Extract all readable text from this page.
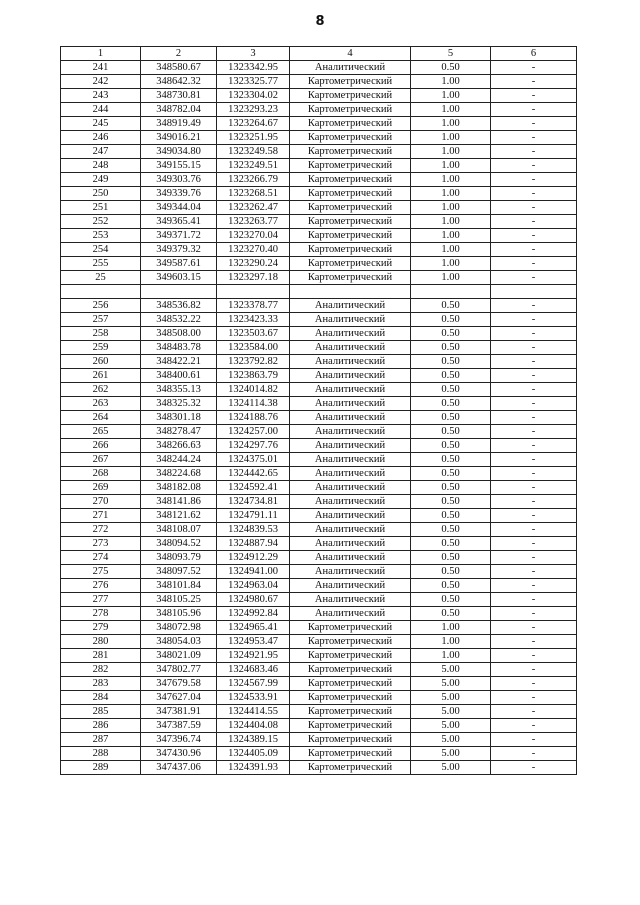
8
1	2	3	4	5	6
241	348580.67	1323342.95	Аналитический	0.50	-
242	348642.32	1323325.77	Картометрический	1.00	-
243	348730.81	1323304.02	Картометрический	1.00	-
244	348782.04	1323293.23	Картометрический	1.00	-
245	348919.49	1323264.67	Картометрический	1.00	-
246	349016.21	1323251.95	Картометрический	1.00	-
247	349034.80	1323249.58	Картометрический	1.00	-
248	349155.15	1323249.51	Картометрический	1.00	-
249	349303.76	1323266.79	Картометрический	1.00	-
250	349339.76	1323268.51	Картометрический	1.00	-
251	349344.04	1323262.47	Картометрический	1.00	-
252	349365.41	1323263.77	Картометрический	1.00	-
253	349371.72	1323270.04	Картометрический	1.00	-
254	349379.32	1323270.40	Картометрический	1.00	-
255	349587.61	1323290.24	Картометрический	1.00	-
25	349603.15	1323297.18	Картометрический	1.00	-

256	348536.82	1323378.77	Аналитический	0.50	-
257	348532.22	1323423.33	Аналитический	0.50	-
258	348508.00	1323503.67	Аналитический	0.50	-
259	348483.78	1323584.00	Аналитический	0.50	-
260	348422.21	1323792.82	Аналитический	0.50	-
261	348400.61	1323863.79	Аналитический	0.50	-
262	348355.13	1324014.82	Аналитический	0.50	-
263	348325.32	1324114.38	Аналитический	0.50	-
264	348301.18	1324188.76	Аналитический	0.50	-
265	348278.47	1324257.00	Аналитический	0.50	-
266	348266.63	1324297.76	Аналитический	0.50	-
267	348244.24	1324375.01	Аналитический	0.50	-
268	348224.68	1324442.65	Аналитический	0.50	-
269	348182.08	1324592.41	Аналитический	0.50	-
270	348141.86	1324734.81	Аналитический	0.50	-
271	348121.62	1324791.11	Аналитический	0.50	-
272	348108.07	1324839.53	Аналитический	0.50	-
273	348094.52	1324887.94	Аналитический	0.50	-
274	348093.79	1324912.29	Аналитический	0.50	-
275	348097.52	1324941.00	Аналитический	0.50	-
276	348101.84	1324963.04	Аналитический	0.50	-
277	348105.25	1324980.67	Аналитический	0.50	-
278	348105.96	1324992.84	Аналитический	0.50	-
279	348072.98	1324965.41	Картометрический	1.00	-
280	348054.03	1324953.47	Картометрический	1.00	-
281	348021.09	1324921.95	Картометрический	1.00	-
282	347802.77	1324683.46	Картометрический	5.00	-
283	347679.58	1324567.99	Картометрический	5.00	-
284	347627.04	1324533.91	Картометрический	5.00	-
285	347381.91	1324414.55	Картометрический	5.00	-
286	347387.59	1324404.08	Картометрический	5.00	-
287	347396.74	1324389.15	Картометрический	5.00	-
288	347430.96	1324405.09	Картометрический	5.00	-
289	347437.06	1324391.93	Картометрический	5.00	-
